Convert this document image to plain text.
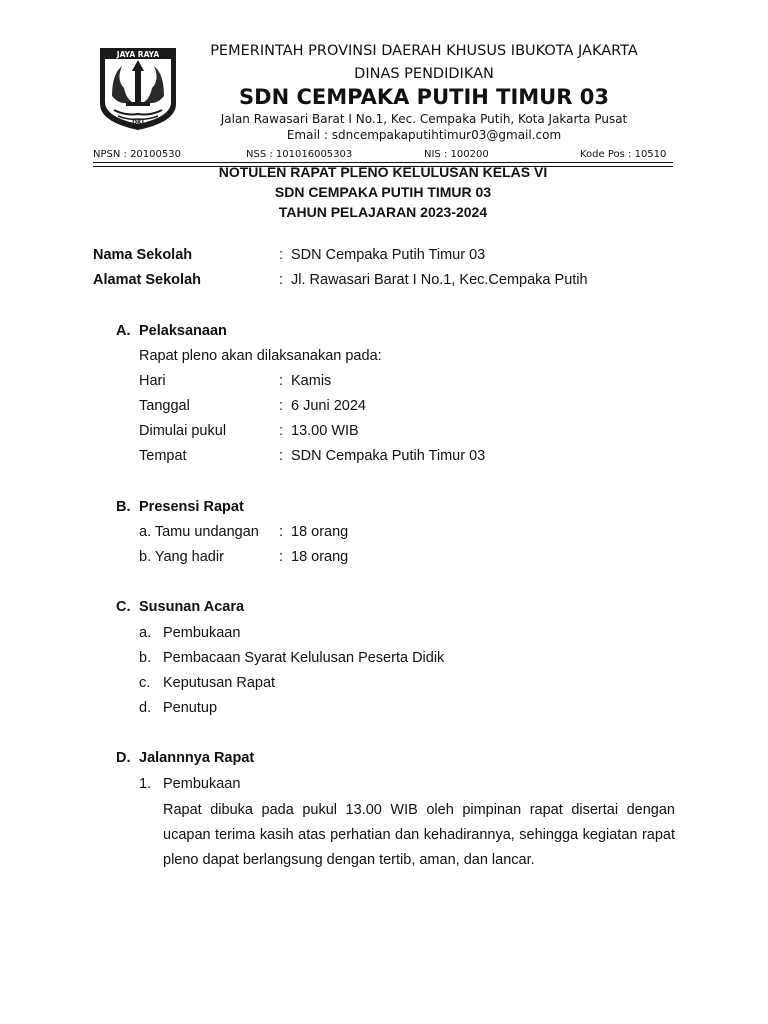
JAYA RAYA
DKI
PEMERINTAH PROVINSI DAERAH KHUSUS IBUKOTA JAKARTA
DINAS PENDIDIKAN
SDN CEMPAKA PUTIH TIMUR 03
Jalan Rawasari Barat I No.1, Kec. Cempaka Putih, Kota Jakarta Pusat
Email : sdncempakaputihtimur03@gmail.com
NPSN : 20100530	NSS : 101016005303	NIS : 100200	Kode Pos : 10510
NOTULEN RAPAT PLENO KELULUSAN KELAS VI
SDN CEMPAKA PUTIH TIMUR 03
TAHUN PELAJARAN 2023-2024
Nama Sekolah	: SDN Cempaka Putih Timur 03
Alamat Sekolah	: Jl. Rawasari Barat I No.1, Kec.Cempaka Putih
A. Pelaksanaan
Rapat pleno akan dilaksanakan pada:
Hari	: Kamis
Tanggal	: 6 Juni 2024
Dimulai pukul	: 13.00 WIB
Tempat	: SDN Cempaka Putih Timur 03
B. Presensi Rapat
a. Tamu undangan : 18 orang
b. Yang hadir	: 18 orang
C. Susunan Acara
a. Pembukaan
b. Pembacaan Syarat Kelulusan Peserta Didik
c. Keputusan Rapat
d. Penutup
D. Jalannnya Rapat
1. Pembukaan
Rapat dibuka pada pukul 13.00 WIB oleh pimpinan rapat disertai dengan ucapan terima kasih atas perhatian dan kehadirannya, sehingga kegiatan rapat pleno dapat berlangsung dengan tertib, aman, dan lancar.
